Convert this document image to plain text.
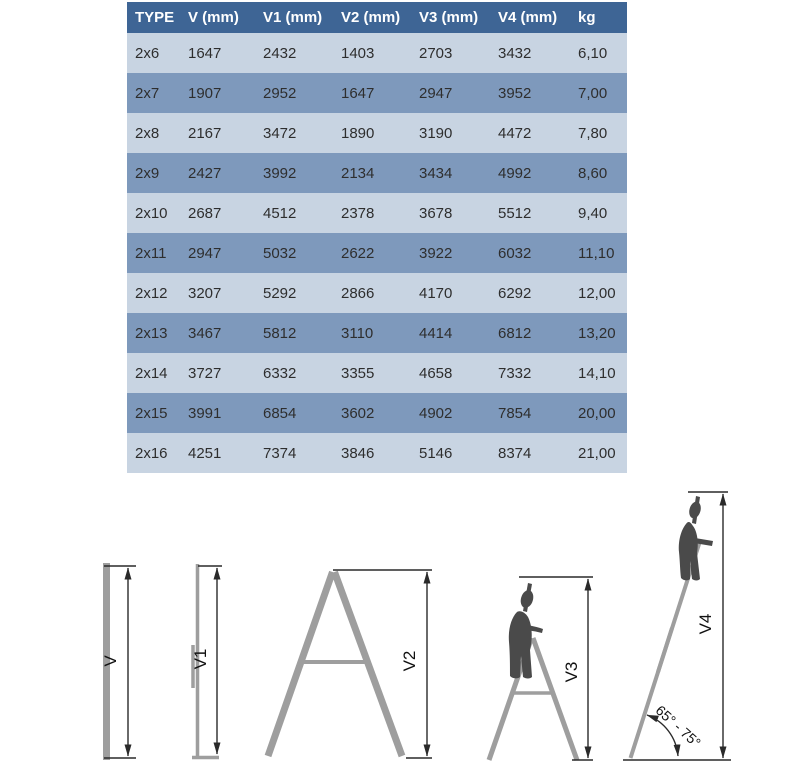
TYPE	V (mm)	V1 (mm)	V2 (mm)	V3 (mm)	V4 (mm)	kg
2x6	1647	2432	1403	2703	3432	6,10
2x7	1907	2952	1647	2947	3952	7,00
2x8	2167	3472	1890	3190	4472	7,80
2x9	2427	3992	2134	3434	4992	8,60
2x10	2687	4512	2378	3678	5512	9,40
2x11	2947	5032	2622	3922	6032	11,10
2x12	3207	5292	2866	4170	6292	12,00
2x13	3467	5812	3110	4414	6812	13,20
2x14	3727	6332	3355	4658	7332	14,10
2x15	3991	6854	3602	4902	7854	20,00
2x16	4251	7374	3846	5146	8374	21,00
V	V1	V2
V3
V4
65° - 75°
